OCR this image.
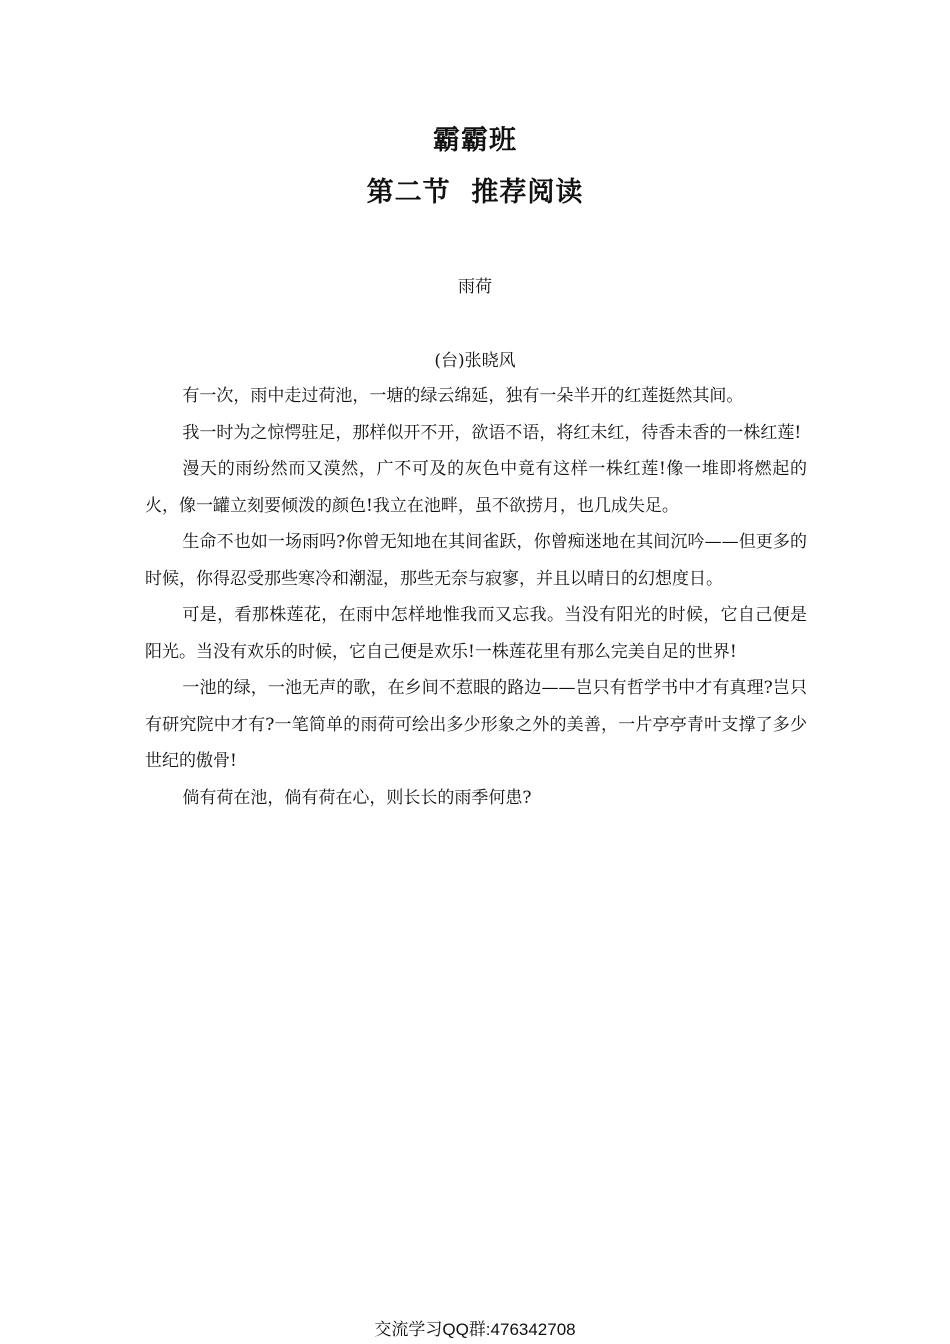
霸霸班
第二节  推荐阅读
雨荷
(台)张晓风

有一次，雨中走过荷池，一塘的绿云绵延，独有一朵半开的红莲挺然其间。

我一时为之惊愕驻足，那样似开不开，欲语不语，将红未红，待香未香的一株红莲!

漫天的雨纷然而又漠然，广不可及的灰色中竟有这样一株红莲!像一堆即将燃起的火，像一罐立刻要倾泼的颜色!我立在池畔，虽不欲捞月，也几成失足。

生命不也如一场雨吗?你曾无知地在其间雀跃，你曾痴迷地在其间沉吟——但更多的时候，你得忍受那些寒冷和潮湿，那些无奈与寂寥，并且以晴日的幻想度日。

可是，看那株莲花，在雨中怎样地惟我而又忘我。当没有阳光的时候，它自己便是阳光。当没有欢乐的时候，它自己便是欢乐!一株莲花里有那么完美自足的世界!

一池的绿，一池无声的歌，在乡间不惹眼的路边——岂只有哲学书中才有真理?岂只有研究院中才有?一笔简单的雨荷可绘出多少形象之外的美善，一片亭亭青叶支撑了多少世纪的傲骨!

倘有荷在池，倘有荷在心，则长长的雨季何患?

交流学习QQ群:476342708
